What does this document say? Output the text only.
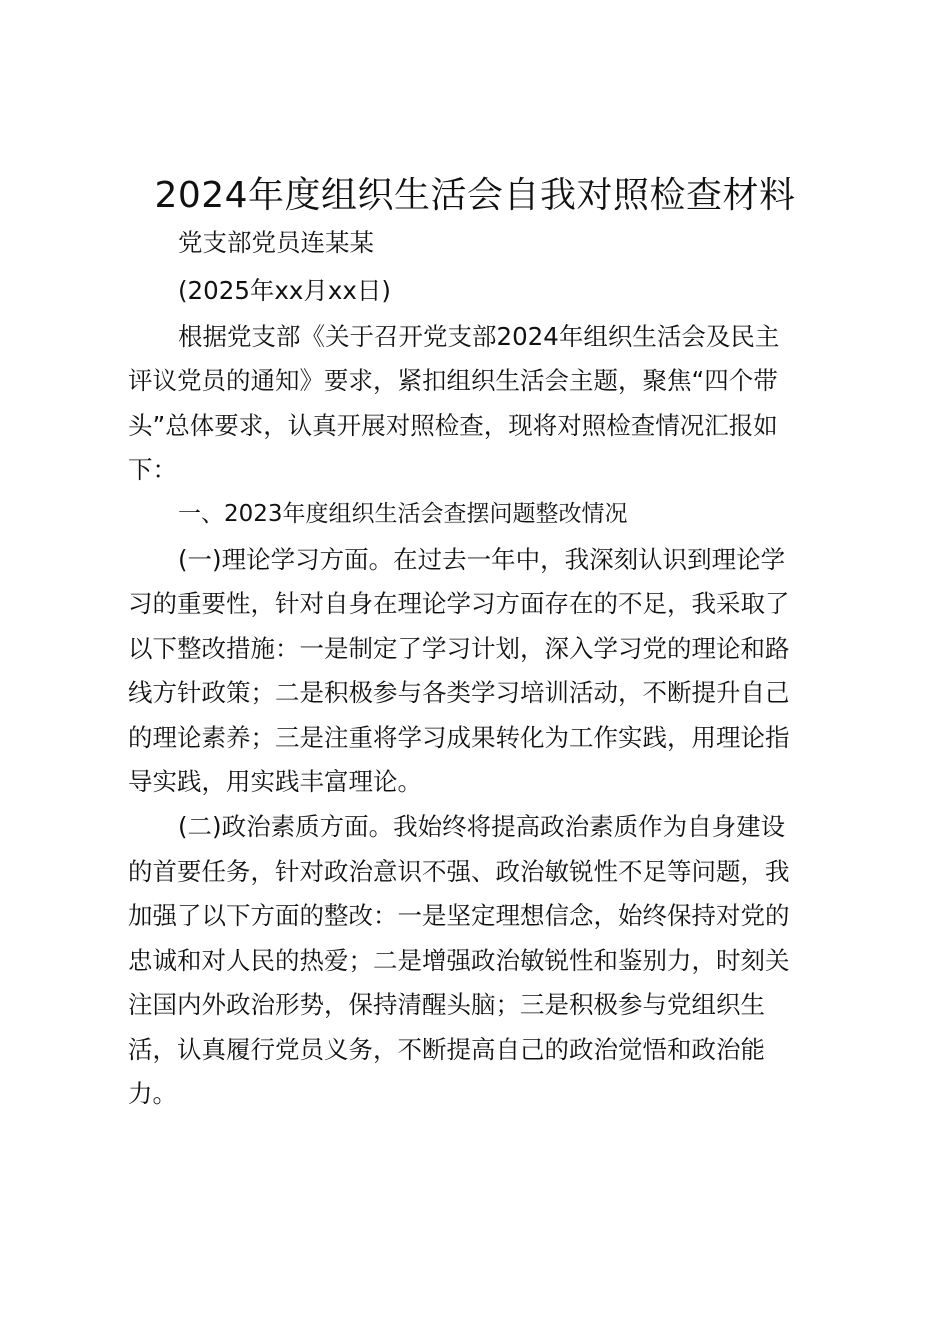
2024年度组织生活会自我对照检查材料
党支部党员连某某
(2025年xx月xx日)
根据党支部《关于召开党支部2024年组织生活会及民主
评议党员的通知》要求，紧扣组织生活会主题，聚焦“四个带
头”总体要求，认真开展对照检查，现将对照检查情况汇报如
下：
一、2023年度组织生活会查摆问题整改情况
(一)理论学习方面。在过去一年中，我深刻认识到理论学
习的重要性，针对自身在理论学习方面存在的不足，我采取了
以下整改措施：一是制定了学习计划，深入学习党的理论和路
线方针政策；二是积极参与各类学习培训活动，不断提升自己
的理论素养；三是注重将学习成果转化为工作实践，用理论指
导实践，用实践丰富理论。
(二)政治素质方面。我始终将提高政治素质作为自身建设
的首要任务，针对政治意识不强、政治敏锐性不足等问题，我
加强了以下方面的整改：一是坚定理想信念，始终保持对党的
忠诚和对人民的热爱；二是增强政治敏锐性和鉴别力，时刻关
注国内外政治形势，保持清醒头脑；三是积极参与党组织生
活，认真履行党员义务，不断提高自己的政治觉悟和政治能
力。
